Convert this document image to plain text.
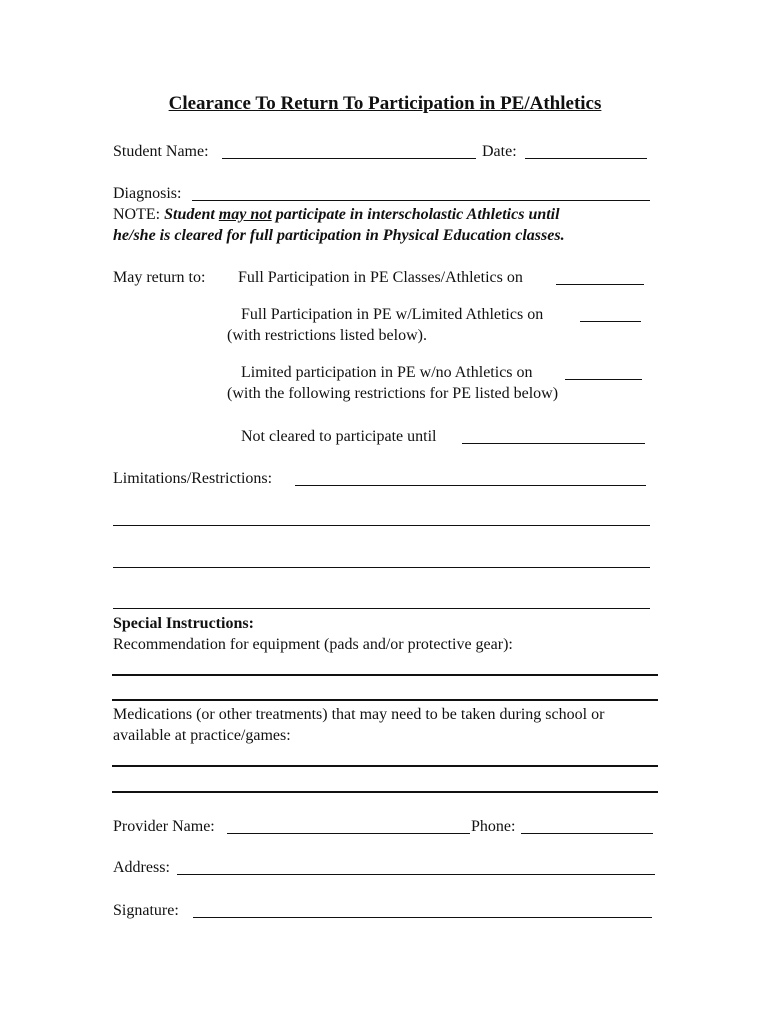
Clearance To Return To Participation in PE/Athletics
Student Name:	Date:
Diagnosis:
NOTE: Student may not participate in interscholastic Athletics until
he/she is cleared for full participation in Physical Education classes.
May return to: Full Participation in PE Classes/Athletics on
Full Participation in PE w/Limited Athletics on
(with restrictions listed below).
Limited participation in PE w/no Athletics on
(with the following restrictions for PE listed below)
Not cleared to participate until
Limitations/Restrictions:
Special Instructions:
Recommendation for equipment (pads and/or protective gear):
Medications (or other treatments) that may need to be taken during school or
available at practice/games:
Provider Name:	Phone:
Address:
Signature:
